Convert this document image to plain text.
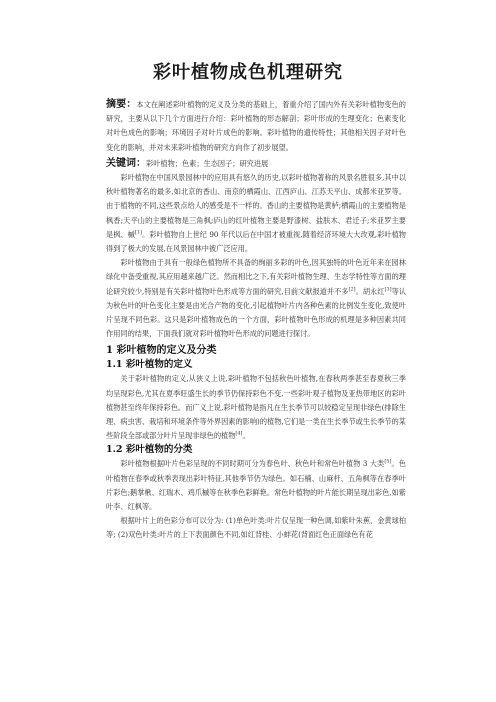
彩叶植物成色机理研究
摘要：本文在阐述彩叶植物的定义及分类的基础上，着重介绍了国内外有关彩叶植物变色的研究，主要从以下几个方面进行介绍：彩叶植物的形态解剖；彩叶形成的生理变化；色素变化对叶色成色的影响；环境因子对叶片成色的影响。彩叶植物的遗传特性；其他相关因子对叶色变化的影响，并对未来彩叶植物的研究方向作了初步展望。
关键词：彩叶植物；色素；生态因子；研究进展

彩叶植物在中国风景园林中的应用具有悠久的历史,以彩叶植物著称的风景名胜很多,其中以秋叶植物著名的最多,如北京的香山、南京的栖霞山、江西庐山、江苏天平山、成都米亚罗等。由于植物的不同,这些景点给人的感受是不一样的。香山的主要植物是黄栌;栖霞山的主要植物是枫香;天平山的主要植物是三角枫;庐山的红叶植物主要是野漆树、盐肤木、君迁子;米亚罗主要是枫、槭[1]。彩叶植物自上世纪 90 年代以后在中国才被重视,随着经济环境大大改观,彩叶植物得到了极大的发展,在风景园林中被广泛应用。

彩叶植物由于具有一般绿色植物所不具备的绚丽多彩的叶色,因其独特的叶色近年来在园林绿化中备受重视,其应用越来越广泛。然而相比之下,有关彩叶植物生理、生态学特性等方面的理论研究较少,特别是有关彩叶植物叶色形成等方面的研究,目前文献报道并不多[2]。胡永红[3]等认为秋色叶的叶色变化主要是由光合产物的变化,引起植物叶片内各种色素的比例发生变化,致使叶片呈现不同色彩。这只是彩叶植物成色的一个方面，彩叶植物叶色形成的机理是多种因素共同作用同的结果，下面我们就对彩叶植物叶色形成的问题进行探讨。

1 彩叶植物的定义及分类
1.1 彩叶植物的定义

关于彩叶植物的定义,从狭义上说,彩叶植物不包括秋色叶植物,在春秋两季甚至春夏秋三季均呈现彩色,尤其在夏季旺盛生长的季节仍保持彩色不变,一些彩叶观子植物及亚热带地区的彩叶植物甚至终年保持彩色。而广义上说,彩叶植物是指凡在生长季节可以较稳定呈现非绿色(排除生理、病虫害、栽培和环境条件等外界因素的影响)的植物,它们是一类在生长季节或生长季节的某些阶段全部或部分叶片呈现非绿色的植物[4]。

1.2 彩叶植物的分类

彩叶植物根据叶片色彩呈现的不同时期可分为春色叶、秋色叶和常色叶植物 3 大类[5]。色叶植物在春季或秋季表现出彩叶特征,其他季节仍为绿色。如石楠、山麻杆、五角枫等在春季叶片彩色;鹅掌楸、红瑞木、鸡爪槭等在秋季色彩鲜艳。常色叶植物的叶片能长期呈现出彩色,如紫叶李、红枫等。

根据叶片上的色彩分布可以分为: (1)单色叶类:叶片仅呈现一种色调,如紫叶朱蕉、金黄球柏等; (2)双色叶类:叶片的上下表面颜色不同,如红背桂、小蚌花(背面红色正面绿色有花
